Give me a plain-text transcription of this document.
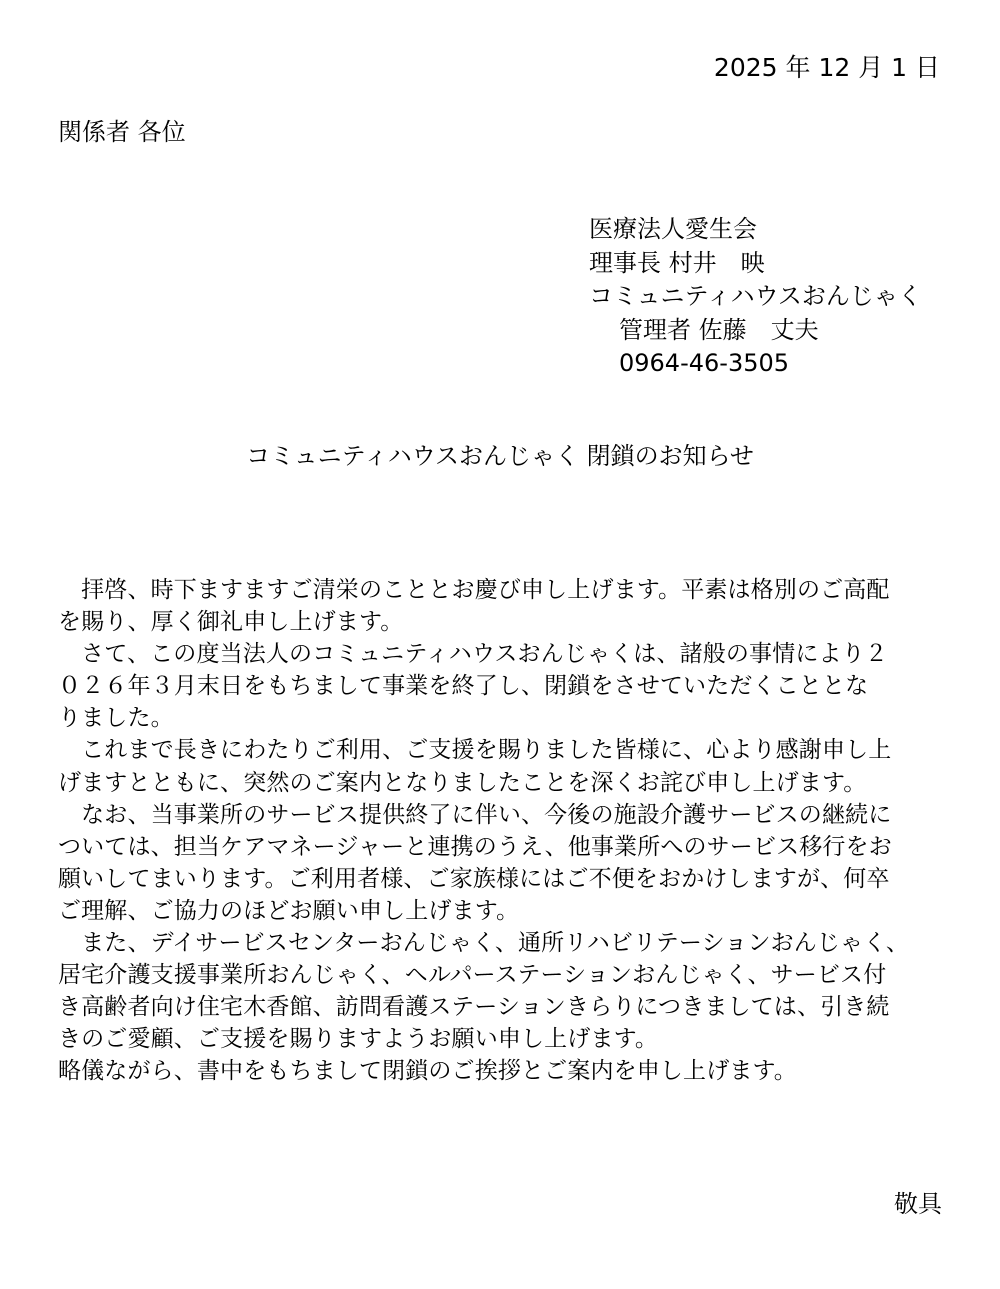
2025 年 12 月 1 日
関係者 各位
医療法人愛生会
理事長 村井　映
コミュニティハウスおんじゃく
管理者 佐藤　丈夫
0964-46-3505
コミュニティハウスおんじゃく 閉鎖のお知らせ
　拝啓、時下ますますご清栄のこととお慶び申し上げます。平素は格別のご高配
を賜り、厚く御礼申し上げます。
　さて、この度当法人のコミュニティハウスおんじゃくは、諸般の事情により２
０２６年３月末日をもちまして事業を終了し、閉鎖をさせていただくこととな
りました。
　これまで長きにわたりご利用、ご支援を賜りました皆様に、心より感謝申し上
げますとともに、突然のご案内となりましたことを深くお詫び申し上げます。
　なお、当事業所のサービス提供終了に伴い、今後の施設介護サービスの継続に
ついては、担当ケアマネージャーと連携のうえ、他事業所へのサービス移行をお
願いしてまいります。ご利用者様、ご家族様にはご不便をおかけしますが、何卒
ご理解、ご協力のほどお願い申し上げます。
　また、デイサービスセンターおんじゃく、通所リハビリテーションおんじゃく、
居宅介護支援事業所おんじゃく、ヘルパーステーションおんじゃく、サービス付
き高齢者向け住宅木香館、訪問看護ステーションきらりにつきましては、引き続
きのご愛顧、ご支援を賜りますようお願い申し上げます。
略儀ながら、書中をもちまして閉鎖のご挨拶とご案内を申し上げます。
敬具
